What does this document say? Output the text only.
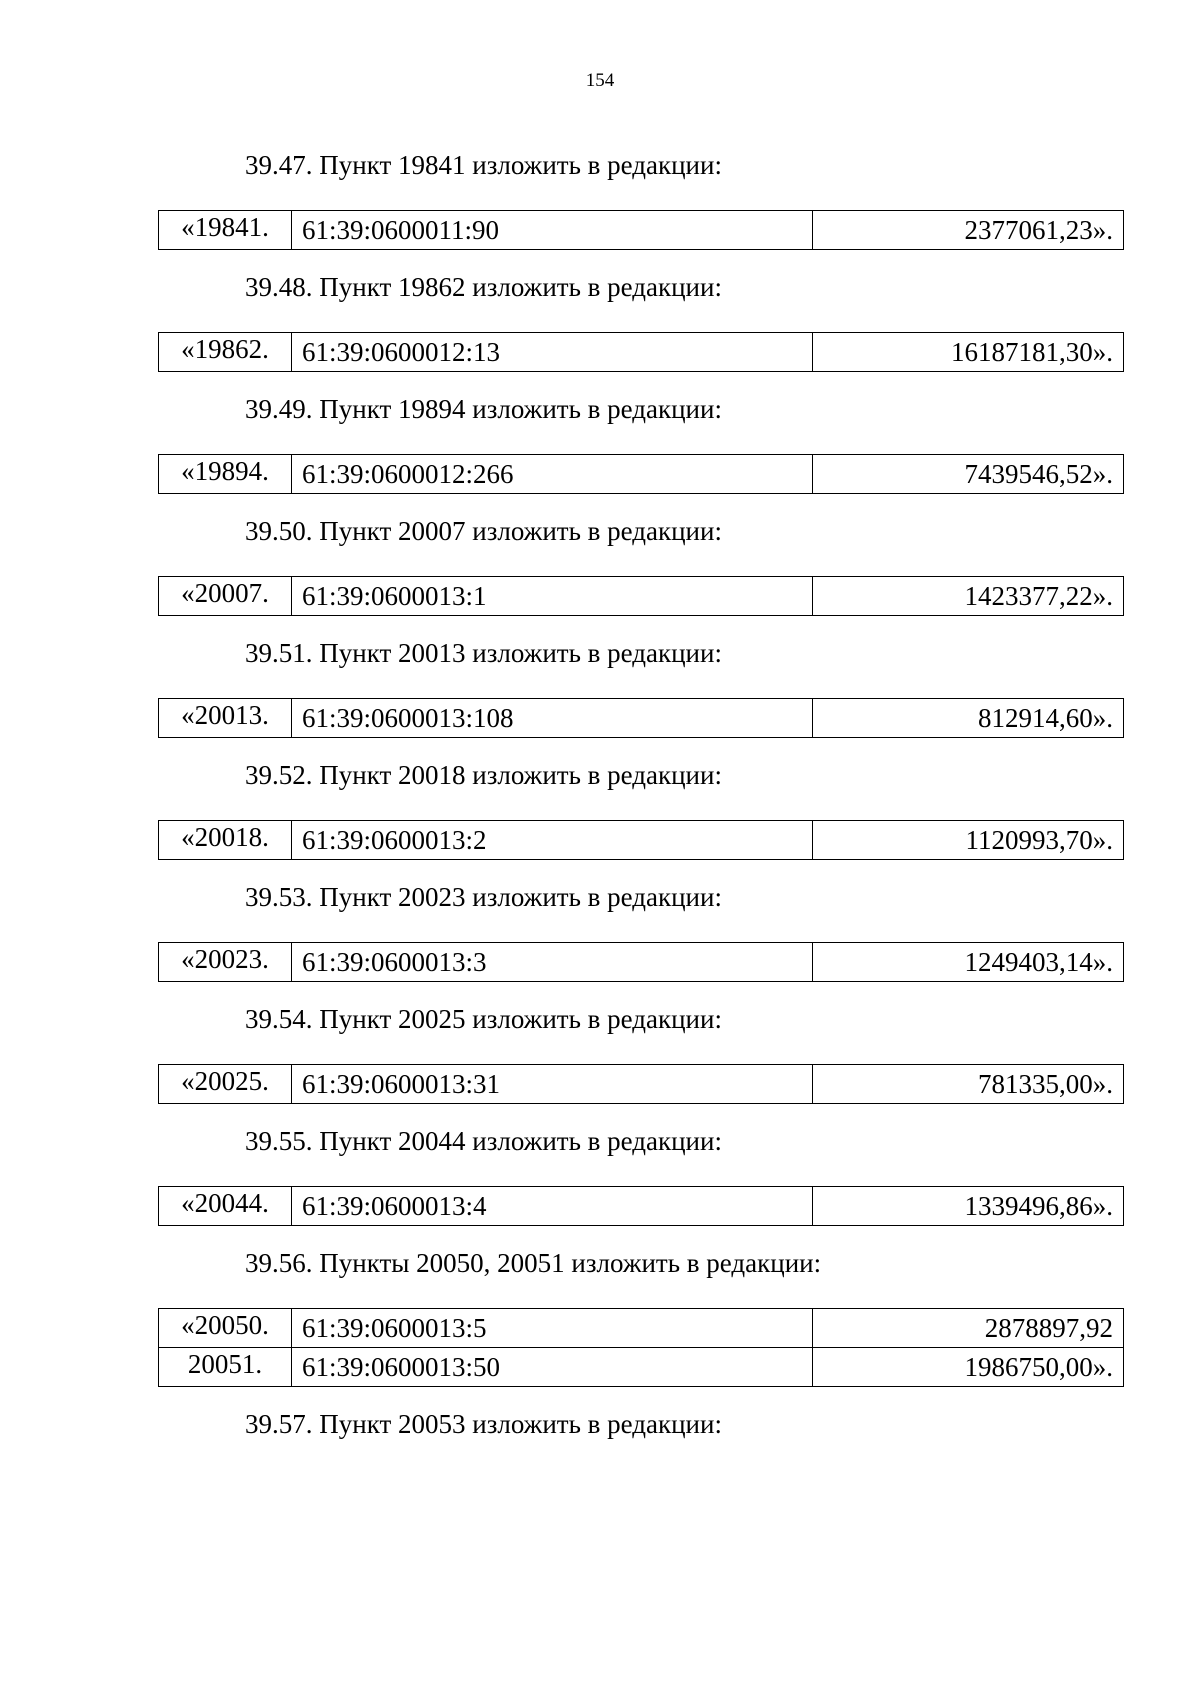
154
39.47. Пункт 19841 изложить в редакции:
«19841.	61:39:0600011:90	2377061,23».
39.48. Пункт 19862 изложить в редакции:
«19862.	61:39:0600012:13	16187181,30».
39.49. Пункт 19894 изложить в редакции:
«19894.	61:39:0600012:266	7439546,52».
39.50. Пункт 20007 изложить в редакции:
«20007.	61:39:0600013:1	1423377,22».
39.51. Пункт 20013 изложить в редакции:
«20013.	61:39:0600013:108	812914,60».
39.52. Пункт 20018 изложить в редакции:
«20018.	61:39:0600013:2	1120993,70».
39.53. Пункт 20023 изложить в редакции:
«20023.	61:39:0600013:3	1249403,14».
39.54. Пункт 20025 изложить в редакции:
«20025.	61:39:0600013:31	781335,00».
39.55. Пункт 20044 изложить в редакции:
«20044.	61:39:0600013:4	1339496,86».
39.56. Пункты 20050, 20051 изложить в редакции:
«20050.	61:39:0600013:5	2878897,92
20051.	61:39:0600013:50	1986750,00».
39.57. Пункт 20053 изложить в редакции:
